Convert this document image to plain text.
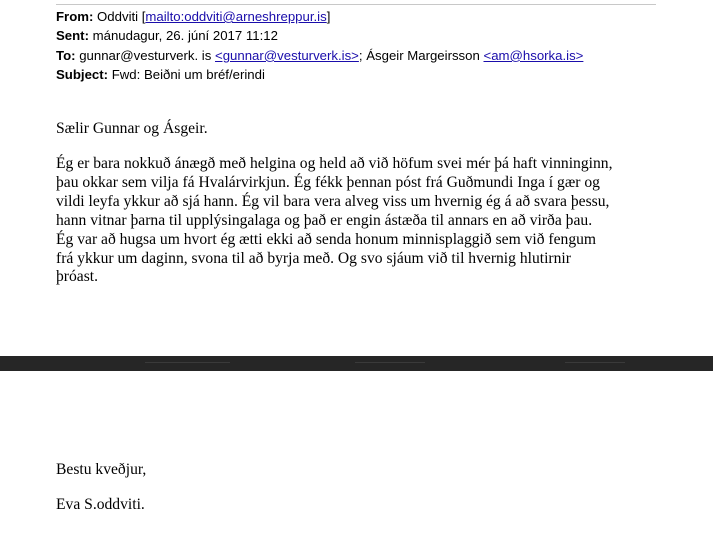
From: Oddviti [mailto:oddviti@arneshreppur.is]
Sent: mánudagur, 26. júní 2017 11:12
To: gunnar@vesturverk. is <gunnar@vesturverk.is>; Ásgeir Margeirsson <am@hsorka.is>
Subject: Fwd: Beiðni um bréf/erindi
Sælir Gunnar og Ásgeir.
Ég er bara nokkuð ánægð með helgina og held að við höfum svei mér þá haft vinninginn,
þau okkar sem vilja fá Hvalárvirkjun. Ég fékk þennan póst frá Guðmundi Inga í gær og
vildi leyfa ykkur að sjá hann. Ég vil bara vera alveg viss um hvernig ég á að svara þessu,
hann vitnar þarna til upplýsingalaga og það er engin ástæða til annars en að virða þau.
Ég var að hugsa um hvort ég ætti ekki að senda honum minnisplaggið sem við fengum
frá ykkur um daginn, svona til að byrja með. Og svo sjáum við til hvernig hlutirnir
þróast.
Bestu kveðjur,
Eva S.oddviti.
